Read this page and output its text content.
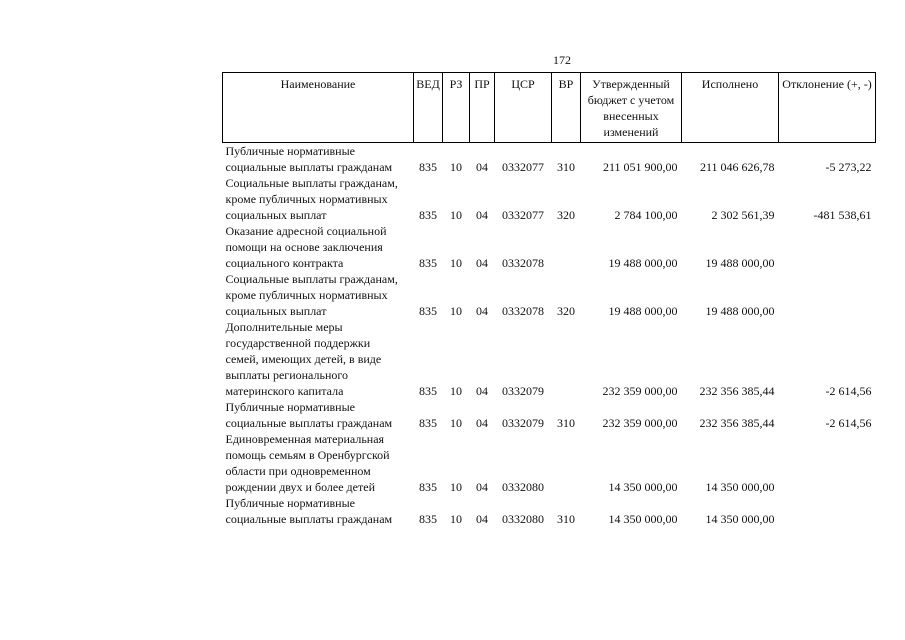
172
Наименование	ВЕД	РЗ	ПР	ЦСР	ВР	Утвержденный бюджет с учетом внесенных изменений	Исполнено	Отклонение (+, -)

Публичные нормативные
социальные выплаты гражданам	835	10	04	0332077	310	211 051 900,00	211 046 626,78	-5 273,22

Социальные выплаты гражданам,
кроме публичных нормативных
социальных выплат	835	10	04	0332077	320	2 784 100,00	2 302 561,39	-481 538,61

Оказание адресной социальной
помощи на основе заключения
социального контракта	835	10	04	0332078		19 488 000,00	19 488 000,00	

Социальные выплаты гражданам,
кроме публичных нормативных
социальных выплат	835	10	04	0332078	320	19 488 000,00	19 488 000,00	

Дополнительные меры
государственной поддержки
семей, имеющих детей, в виде
выплаты регионального
материнского капитала	835	10	04	0332079		232 359 000,00	232 356 385,44	-2 614,56

Публичные нормативные
социальные выплаты гражданам	835	10	04	0332079	310	232 359 000,00	232 356 385,44	-2 614,56

Единовременная материальная
помощь семьям в Оренбургской
области при одновременном
рождении двух и более детей	835	10	04	0332080		14 350 000,00	14 350 000,00	

Публичные нормативные
социальные выплаты гражданам	835	10	04	0332080	310	14 350 000,00	14 350 000,00	
